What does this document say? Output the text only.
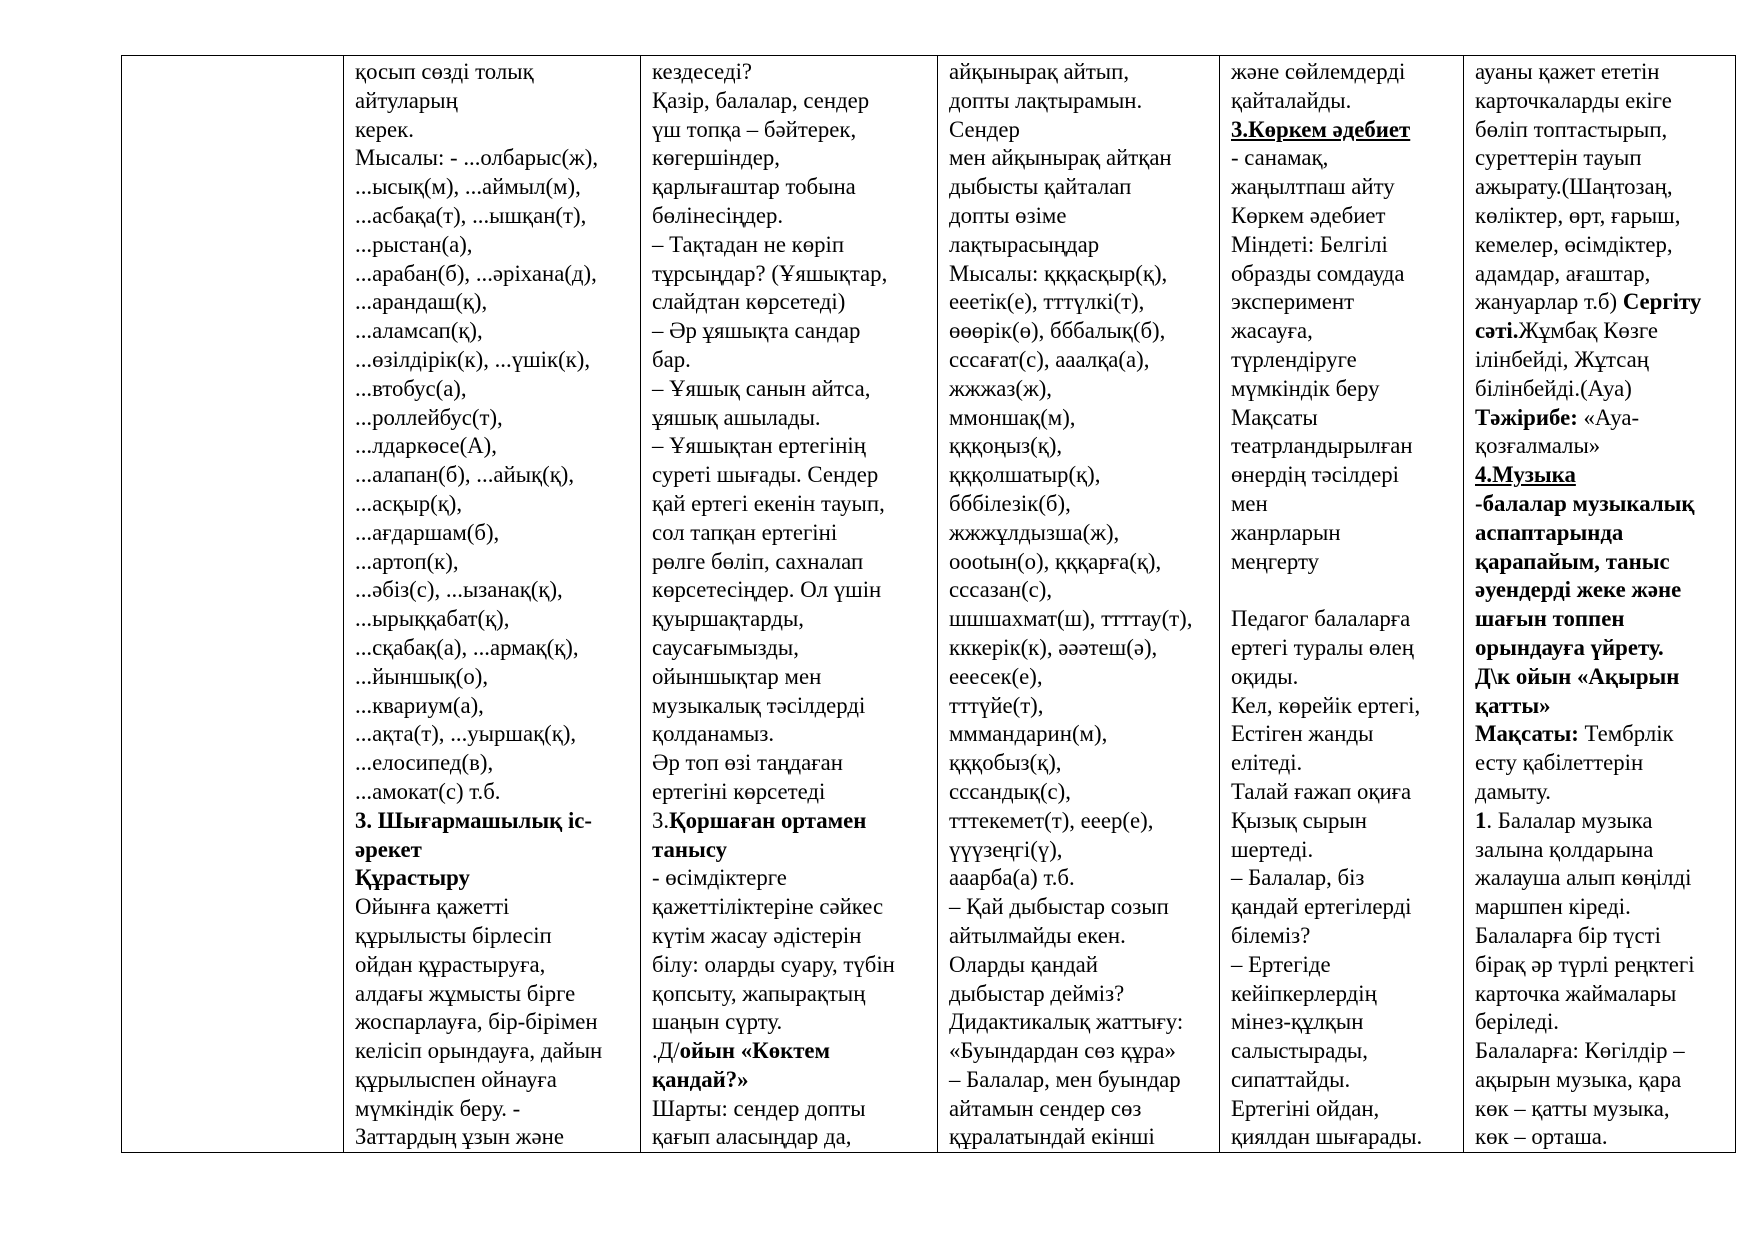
қосып сөзді толық
айтуларың
керек.
Мысалы: - ...олбарыс(ж),
...ысық(м), ...аймыл(м),
...асбақа(т), ...ышқан(т),
...рыстан(а),
...арабан(б), ...әріхана(д),
...арандаш(қ),
...аламсап(қ),
...өзілдірік(к), ...үшік(к),
...втобус(а),
...роллейбус(т),
...лдаркөсе(А),
...алапан(б), ...айық(қ),
...асқыр(қ),
...ағдаршам(б),
...артоп(к),
...әбіз(с), ...ызанақ(қ),
...ырыққабат(қ),
...сқабақ(а), ...армақ(қ),
...йыншық(о),
...квариум(а),
...ақта(т), ...уыршақ(қ),
...елосипед(в),
...амокат(с) т.б.
3. Шығармашылық іс-
әрекет
Құрастыру
Ойынға қажетті
құрылысты бірлесіп
ойдан құрастыруға,
алдағы жұмысты бірге
жоспарлауға, бір-бірімен
келісіп орындауға, дайын
құрылыспен ойнауға
мүмкіндік беру. -
Заттардың ұзын және

кездеседі?
Қазір, балалар, сендер
үш топқа – бәйтерек,
көгершіндер,
қарлығаштар тобына
бөлінесіңдер.
– Тақтадан не көріп
тұрсыңдар? (Ұяшықтар,
слайдтан көрсетеді)
– Әр ұяшықта сандар
бар.
– Ұяшық санын айтса,
ұяшық ашылады.
– Ұяшықтан ертегінің
суреті шығады. Сендер
қай ертегі екенін тауып,
сол тапқан ертегіні
рөлге бөліп, сахналап
көрсетесіңдер. Ол үшін
қуыршақтарды,
саусағымызды,
ойыншықтар мен
музыкалық тәсілдерді
қолданамыз.
Әр топ өзі таңдаған
ертегіні көрсетеді
3.Қоршаған ортамен
танысу
- өсімдіктерге
қажеттіліктеріне сәйкес
күтім жасау әдістерін
білу: оларды суару, түбін
қопсыту, жапырақтың
шаңын сүрту.
.Д/ойын «Көктем
қандай?»
Шарты: сендер допты
қағып аласыңдар да,

айқынырақ айтып,
допты лақтырамын.
Сендер
мен айқынырақ айтқан
дыбысты қайталап
допты өзіме
лақтырасыңдар
Мысалы: қққасқыр(қ),
ееетік(е), тттүлкі(т),
өөөрік(ө), бббалық(б),
сссағат(с), ааалқа(а),
жжжаз(ж),
ммоншақ(м),
қққоңыз(қ),
қққолшатыр(қ),
бббілезік(б),
жжжұлдызша(ж),
оootын(о), қққарға(қ),
сссазан(с),
шшшахмат(ш), ттттау(т),
кккерік(к), әәәтеш(ә),
ееесек(е),
тттүйе(т),
мммандарин(м),
қққобыз(қ),
сссандық(с),
тттекемет(т), ееер(е),
үүүзеңгі(ү),
ааарба(а) т.б.
– Қай дыбыстар созып
айтылмайды екен.
Оларды қандай
дыбыстар дейміз?
Дидактикалық жаттығу:
«Буындардан сөз құра»
– Балалар, мен буындар
айтамын сендер сөз
құралатындай екінші

және сөйлемдерді
қайталайды.
3.Көркем әдебиет
- санамақ,
жаңылтпаш айту
Көркем әдебиет
Міндеті: Белгілі
образды сомдауда
эксперимент
жасауға,
түрлендіруге
мүмкіндік беру
Мақсаты
театрландырылған
өнердің тәсілдері
мен
жанрларын
меңгерту
Педагог балаларға
ертегі туралы өлең
оқиды.
Кел, көрейік ертегі,
Естіген жанды
елітеді.
Талай ғажап оқиға
Қызық сырын
шертеді.
– Балалар, біз
қандай ертегілерді
білеміз?
– Ертегіде
кейіпкерлердің
мінез-құлқын
салыстырады,
сипаттайды.
Ертегіні ойдан,
қиялдан шығарады.

ауаны қажет ететін
карточкаларды екіге
бөліп топтастырып,
суреттерін тауып
ажырату.(Шаңтозаң,
көліктер, өрт, ғарыш,
кемелер, өсімдіктер,
адамдар, ағаштар,
жануарлар т.б) Сергіту
сәті.Жұмбақ Көзге
ілінбейді, Жұтсаң
білінбейді.(Ауа)
Тәжірибе: «Ауа-
қозғалмалы»
4.Музыка
-балалар музыкалық
аспаптарында
қарапайым, таныс
әуендерді жеке және
шағын топпен
орындауға үйрету.
Д\к ойын «Ақырын
қатты»
Мақсаты: Тембрлік
есту қабілеттерін
дамыту.
1. Балалар музыка
залына қолдарына
жалауша алып көңілді
маршпен кіреді.
Балаларға бір түсті
бірақ әр түрлі реңктегі
карточка жаймалары
беріледі.
Балаларға: Көгілдір –
ақырын музыка, қара
көк – қатты музыка,
көк – орташа.
